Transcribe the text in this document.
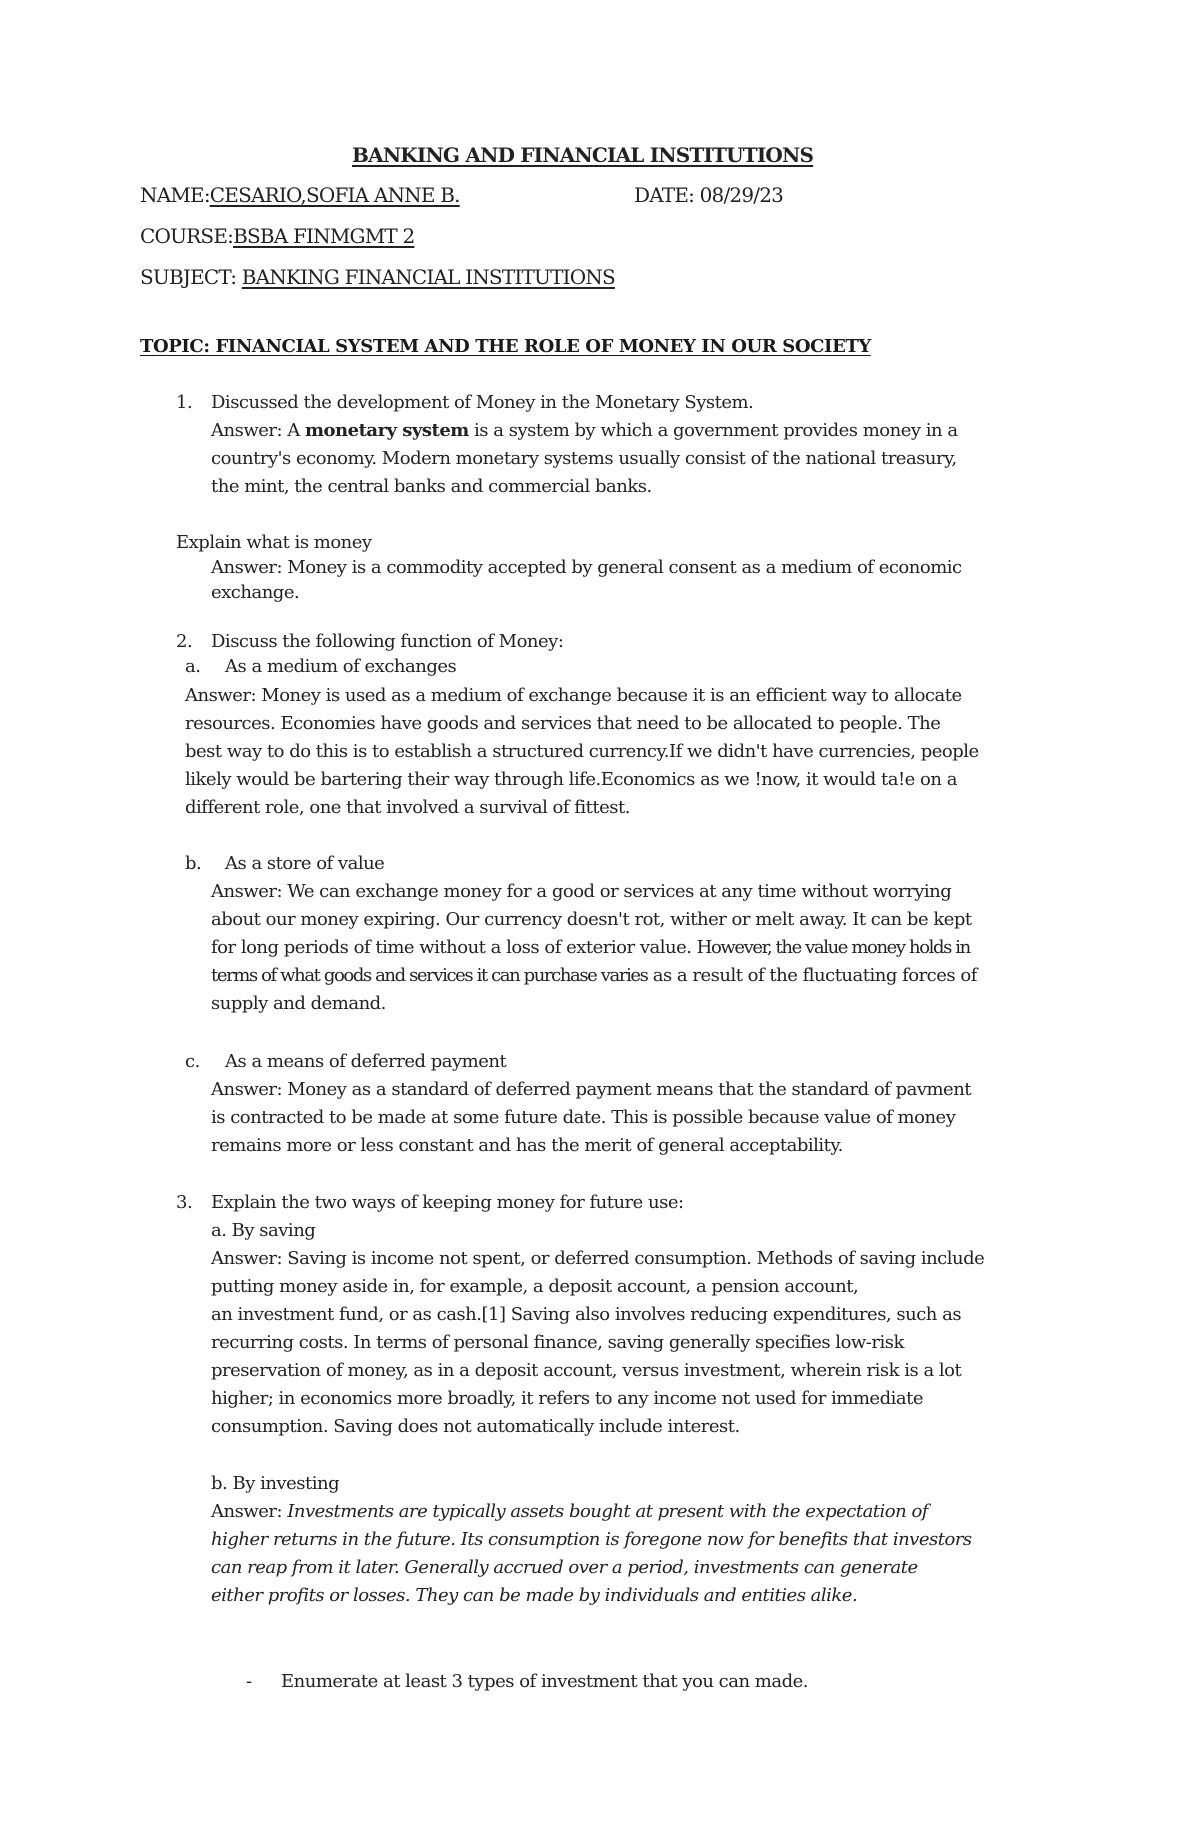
BANKING AND FINANCIAL INSTITUTIONS
NAME:CESARIO,SOFIA ANNE B.	DATE: 08/29/23
COURSE:BSBA FINMGMT 2
SUBJECT: BANKING FINANCIAL INSTITUTIONS
TOPIC: FINANCIAL SYSTEM AND THE ROLE OF MONEY IN OUR SOCIETY
1. Discussed the development of Money in the Monetary System.
Answer: A monetary system is a system by which a government provides money in a
country's economy. Modern monetary systems usually consist of the national treasury,
the mint, the central banks and commercial banks.
Explain what is money
Answer: Money is a commodity accepted by general consent as a medium of economic
exchange.
2. Discuss the following function of Money:
a. As a medium of exchanges
Answer: Money is used as a medium of exchange because it is an efficient way to allocate
resources. Economies have goods and services that need to be allocated to people. The
best way to do this is to establish a structured currency.If we didn't have currencies, people
likely would be bartering their way through life.Economics as we !now, it would ta!e on a
different role, one that involved a survival of fittest.
b. As a store of value
Answer: We can exchange money for a good or services at any time without worrying
about our money expiring. Our currency doesn't rot, wither or melt away. It can be kept
for long periods of time without a loss of exterior value. However, the value money holds in
terms of what goods and services it can purchase varies as a result of the fluctuating forces of
supply and demand.
c. As a means of deferred payment
Answer: Money as a standard of deferred payment means that the standard of pavment
is contracted to be made at some future date. This is possible because value of money
remains more or less constant and has the merit of general acceptability.
3. Explain the two ways of keeping money for future use:
a. By saving
Answer: Saving is income not spent, or deferred consumption. Methods of saving include
putting money aside in, for example, a deposit account, a pension account,
an investment fund, or as cash.[1] Saving also involves reducing expenditures, such as
recurring costs. In terms of personal finance, saving generally specifies low-risk
preservation of money, as in a deposit account, versus investment, wherein risk is a lot
higher; in economics more broadly, it refers to any income not used for immediate
consumption. Saving does not automatically include interest.
b. By investing
Answer: Investments are typically assets bought at present with the expectation of
higher returns in the future. Its consumption is foregone now for benefits that investors
can reap from it later. Generally accrued over a period, investments can generate
either profits or losses. They can be made by individuals and entities alike.
- Enumerate at least 3 types of investment that you can made.
